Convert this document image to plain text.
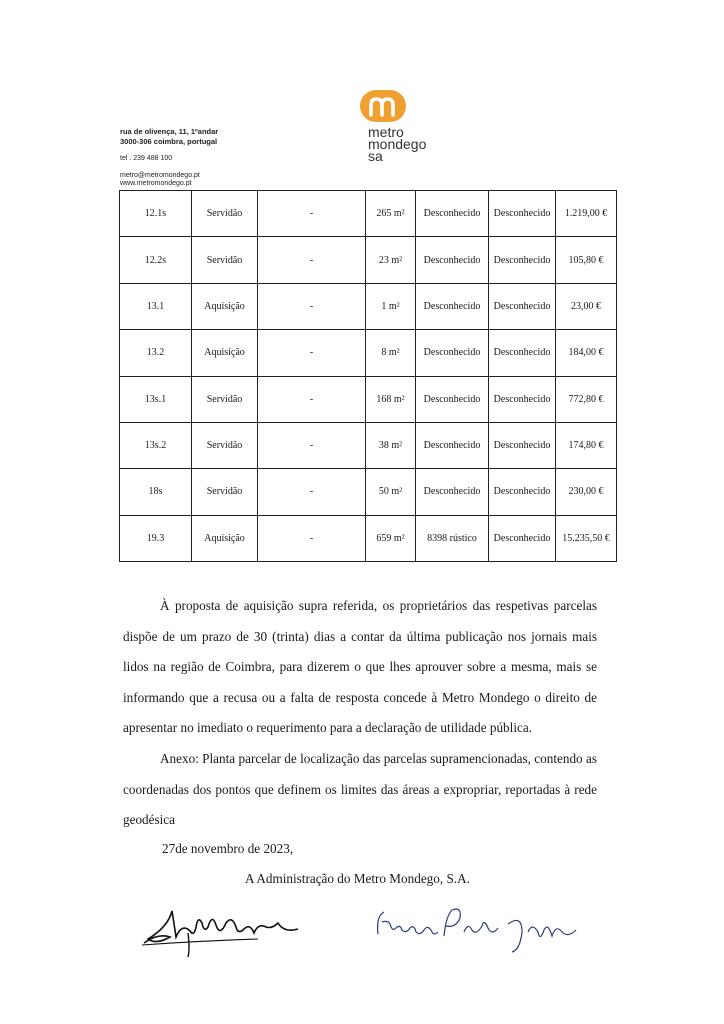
rua de olivença, 11, 1ºandar
3000-306 coimbra, portugal
tel . 239 488 100
metro@metromondego.pt
www.metromondego.pt
metro
mondego
sa
12.1s	Servidão	-	265 m²	Desconhecido	Desconhecido	1.219,00 €
12.2s	Servidão	-	23 m²	Desconhecido	Desconhecido	105,80 €
13.1	Aquisição	-	1 m²	Desconhecido	Desconhecido	23,00 €
13.2	Aquisição	-	8 m²	Desconhecido	Desconhecido	184,00 €
13s.1	Servidão	-	168 m²	Desconhecido	Desconhecido	772,80 €
13s.2	Servidão	-	38 m²	Desconhecido	Desconhecido	174,80 €
18s	Servidão	-	50 m²	Desconhecido	Desconhecido	230,00 €
19.3	Aquisição	-	659 m²	8398 rústico	Desconhecido	15.235,50 €
À proposta de aquisição supra referida, os proprietários das respetivas parcelas dispõe de um prazo de 30 (trinta) dias a contar da última publicação nos jornais mais lidos na região de Coimbra, para dizerem o que lhes aprouver sobre a mesma, mais se informando que a recusa ou a falta de resposta concede à Metro Mondego o direito de apresentar no imediato o requerimento para a declaração de utilidade pública.
Anexo: Planta parcelar de localização das parcelas supramencionadas, contendo as coordenadas dos pontos que definem os limites das áreas a expropriar, reportadas à rede geodésica
27de novembro de 2023,
A Administração do Metro Mondego, S.A.
